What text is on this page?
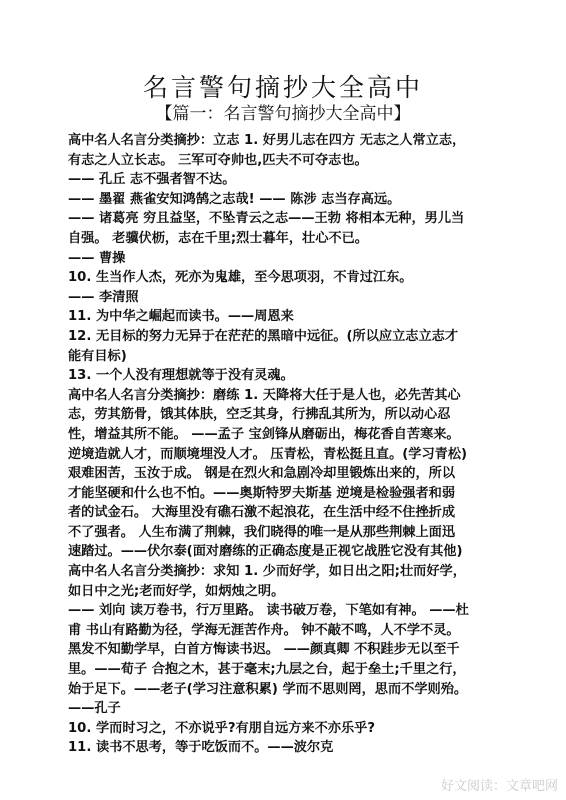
名言警句摘抄大全高中
【篇一：名言警句摘抄大全高中】
高中名人名言分类摘抄：立志 1. 好男儿志在四方 无志之人常立志，
有志之人立长志。 三军可夺帅也,匹夫不可夺志也。
—— 孔丘 志不强者智不达。
—— 墨翟 燕雀安知鸿鹄之志哉! —— 陈涉 志当存高远。
—— 诸葛亮 穷且益坚，不坠青云之志——王勃 将相本无种，男儿当
自强。 老骥伏枥，志在千里;烈士暮年，壮心不已。
—— 曹操
10. 生当作人杰，死亦为鬼雄，至今思项羽，不肯过江东。
—— 李清照
11. 为中华之崛起而读书。——周恩来
12. 无目标的努力无异于在茫茫的黑暗中远征。(所以应立志立志才
能有目标)
13. 一个人没有理想就等于没有灵魂。
高中名人名言分类摘抄：磨练 1. 天降将大任于是人也，必先苦其心
志，劳其筋骨，饿其体肤，空乏其身，行拂乱其所为，所以动心忍
性，增益其所不能。 ——孟子 宝剑锋从磨砺出，梅花香自苦寒来。
逆境造就人才，而顺境埋没人才。 压青松，青松挺且直。(学习青松)
艰难困苦，玉汝于成。 钢是在烈火和急剧冷却里锻炼出来的，所以
才能坚硬和什么也不怕。——奥斯特罗夫斯基 逆境是检验强者和弱
者的试金石。 大海里没有礁石激不起浪花，在生活中经不住挫折成
不了强者。 人生布满了荆棘，我们晓得的唯一是从那些荆棘上面迅
速踏过。——伏尔泰(面对磨练的正确态度是正视它战胜它没有其他)
高中名人名言分类摘抄：求知 1. 少而好学，如日出之阳;壮而好学，
如日中之光;老而好学，如炳烛之明。
—— 刘向 读万卷书，行万里路。 读书破万卷，下笔如有神。 ——杜
甫 书山有路勤为径，学海无涯苦作舟。 钟不敲不鸣，人不学不灵。
黑发不知勤学早，白首方悔读书迟。 ——颜真卿 不积跬步无以至千
里。——荀子 合抱之木，甚于毫末;九层之台，起于垒土;千里之行，
始于足下。——老子(学习注意积累) 学而不思则罔，思而不学则殆。
——孔子
10. 学而时习之，不亦说乎?有朋自远方来不亦乐乎?
11. 读书不思考，等于吃饭而不。——波尔克
好文阅读：文章吧网
